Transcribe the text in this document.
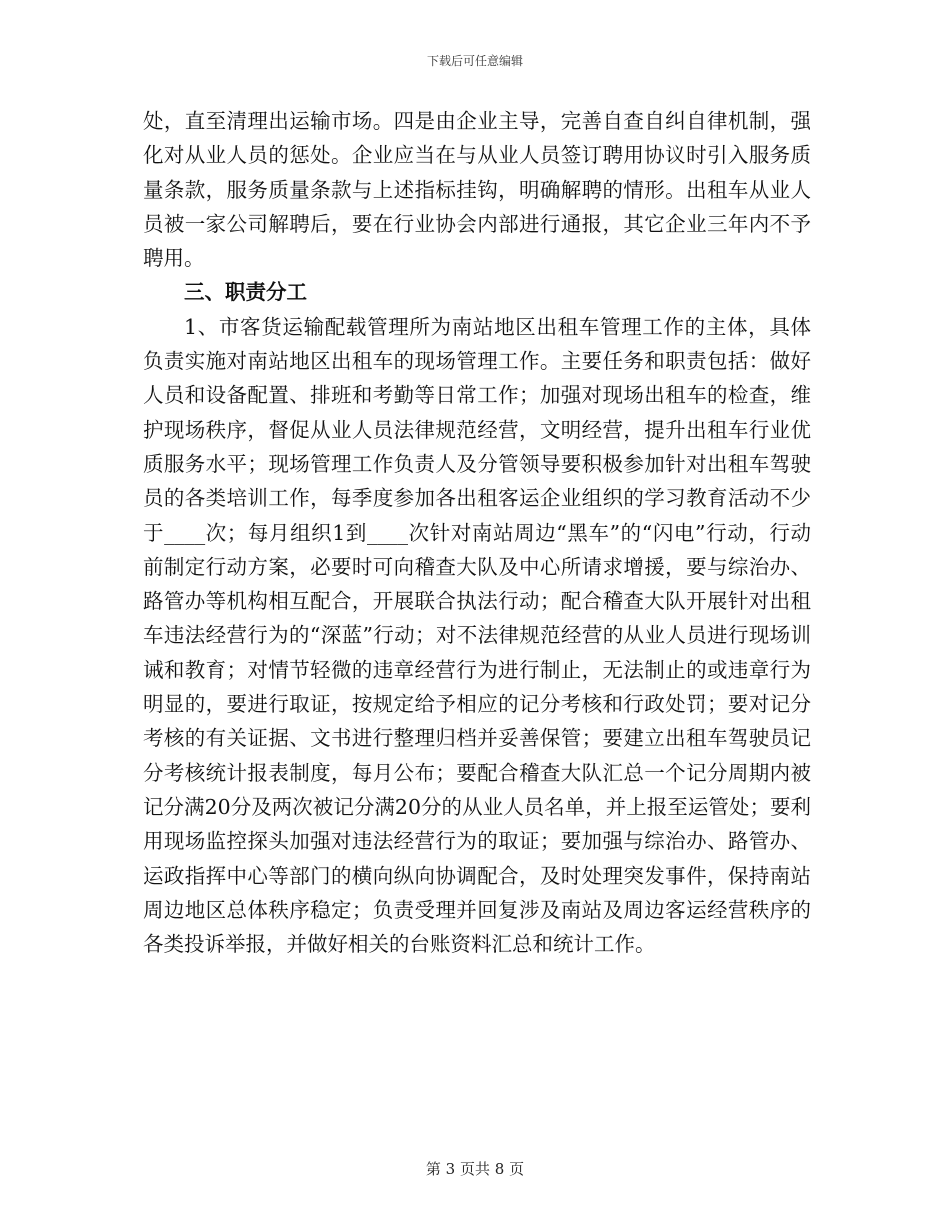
下载后可任意编辑

处，直至清理出运输市场。四是由企业主导，完善自查自纠自律机制，强化对从业人员的惩处。企业应当在与从业人员签订聘用协议时引入服务质量条款，服务质量条款与上述指标挂钩，明确解聘的情形。出租车从业人员被一家公司解聘后，要在行业协会内部进行通报，其它企业三年内不予聘用。

三、职责分工

1、市客货运输配载管理所为南站地区出租车管理工作的主体，具体负责实施对南站地区出租车的现场管理工作。主要任务和职责包括：做好人员和设备配置、排班和考勤等日常工作；加强对现场出租车的检查，维护现场秩序，督促从业人员法律规范经营，文明经营，提升出租车行业优质服务水平；现场管理工作负责人及分管领导要积极参加针对出租车驾驶员的各类培训工作，每季度参加各出租客运企业组织的学习教育活动不少于____次；每月组织1到____次针对南站周边“黑车”的“闪电”行动，行动前制定行动方案，必要时可向稽查大队及中心所请求增援，要与综治办、路管办等机构相互配合，开展联合执法行动；配合稽查大队开展针对出租车违法经营行为的“深蓝”行动；对不法律规范经营的从业人员进行现场训诫和教育；对情节轻微的违章经营行为进行制止，无法制止的或违章行为明显的，要进行取证，按规定给予相应的记分考核和行政处罚；要对记分考核的有关证据、文书进行整理归档并妥善保管；要建立出租车驾驶员记分考核统计报表制度，每月公布；要配合稽查大队汇总一个记分周期内被记分满20分及两次被记分满20分的从业人员名单，并上报至运管处；要利用现场监控探头加强对违法经营行为的取证；要加强与综治办、路管办、运政指挥中心等部门的横向纵向协调配合，及时处理突发事件，保持南站周边地区总体秩序稳定；负责受理并回复涉及南站及周边客运经营秩序的各类投诉举报，并做好相关的台账资料汇总和统计工作。

第 3 页共 8 页
